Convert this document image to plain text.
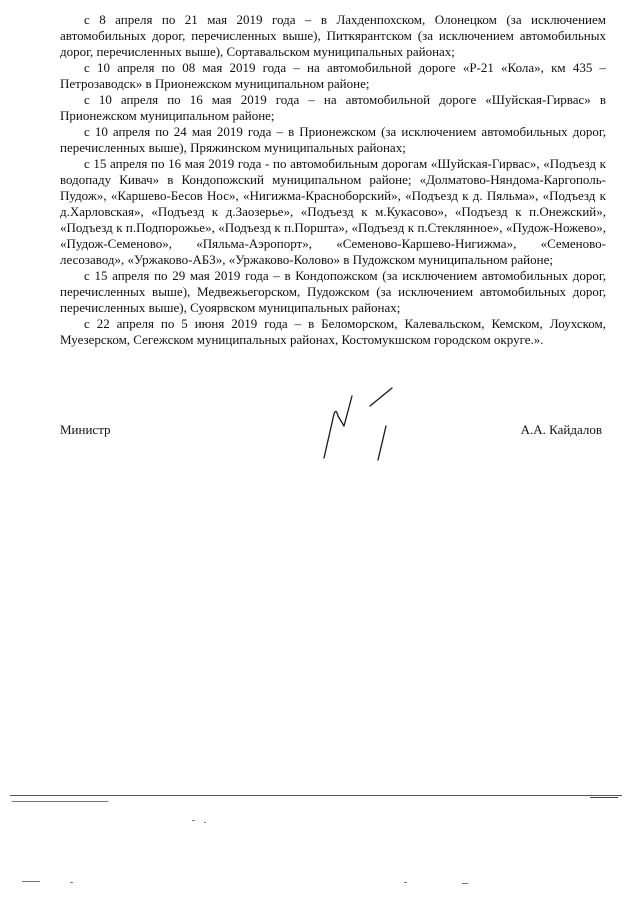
с 8 апреля по 21 мая 2019 года – в Лахденпохском, Олонецком (за исключением автомобильных дорог, перечисленных выше), Питкярантском (за исключением автомобильных дорог, перечисленных выше), Сортавальском муниципальных районах;

с 10 апреля по 08 мая 2019 года – на автомобильной дороге «Р-21 «Кола», км 435 – Петрозаводск» в Прионежском муниципальном районе;

с 10 апреля по 16 мая 2019 года – на автомобильной дороге «Шуйская-Гирвас» в Прионежском муниципальном районе;

с 10 апреля по 24 мая 2019 года – в Прионежском (за исключением автомобильных дорог, перечисленных выше), Пряжинском муниципальных районах;

с 15 апреля по 16 мая 2019 года - по автомобильным дорогам «Шуйская-Гирвас», «Подъезд к водопаду Кивач» в Кондопожский муниципальном районе; «Долматово-Няндома-Каргополь-Пудож», «Каршево-Бесов Нос», «Нигижма-Красноборский», «Подъезд к д. Пяльма», «Подъезд к д.Харловская», «Подъезд к д.Заозерье», «Подъезд к м.Кукасово», «Подъезд к п.Онежский», «Подъезд к п.Подпорожье», «Подъезд к п.Поршта», «Подъезд к п.Стеклянное», «Пудож-Ножево», «Пудож-Семеново», «Пяльма-Аэропорт», «Семеново-Каршево-Нигижма», «Семеново-лесозавод», «Уржаково-АБЗ», «Уржаково-Колово» в Пудожском муниципальном районе;

с 15 апреля по 29 мая 2019 года – в Кондопожском (за исключением автомобильных дорог, перечисленных выше), Медвежьегорском, Пудожском (за исключением автомобильных дорог, перечисленных выше), Суоярвском муниципальных районах;

с 22 апреля по 5 июня 2019 года – в Беломорском, Калевальском, Кемском, Лоухском, Муезерском, Сегежском муниципальных районах, Костомукшском городском округе.».

Министр	А.А. Кайдалов
